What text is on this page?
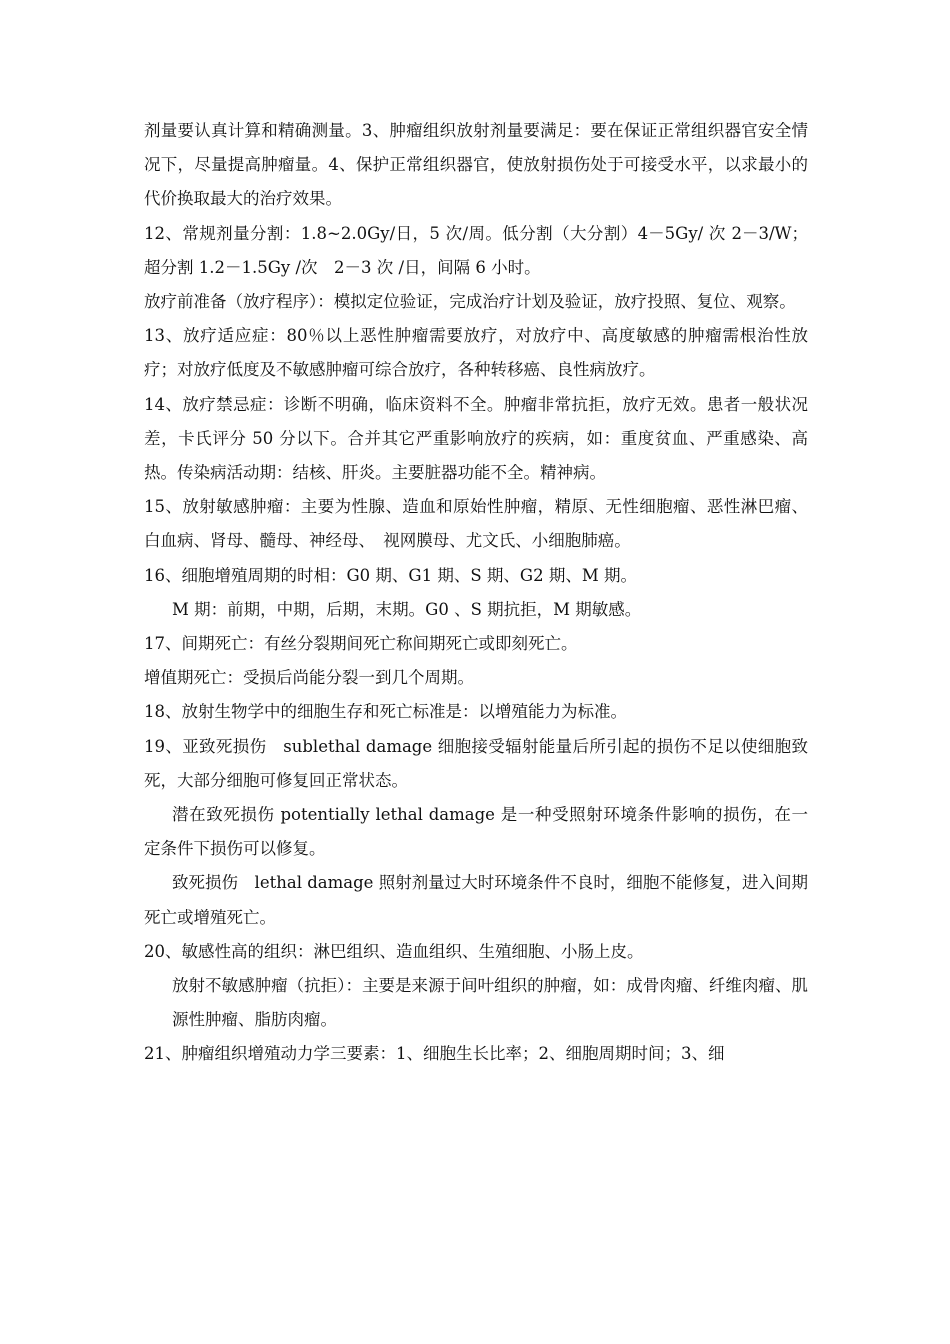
剂量要认真计算和精确测量。3、肿瘤组织放射剂量要满足：要在保证正常组织器官安全情况下，尽量提高肿瘤量。4、保护正常组织器官，使放射损伤处于可接受水平，以求最小的代价换取最大的治疗效果。

12、常规剂量分割：1.8~2.0Gy/日，5 次/周。低分割（大分割）4－5Gy/ 次 2－3/W；超分割 1.2－1.5Gy /次　2－3 次 /日，间隔 6 小时。

放疗前准备（放疗程序）：模拟定位验证，完成治疗计划及验证，放疗投照、复位、观察。

13、放疗适应症：80％以上恶性肿瘤需要放疗，对放疗中、高度敏感的肿瘤需根治性放疗；对放疗低度及不敏感肿瘤可综合放疗，各种转移癌、良性病放疗。

14、放疗禁忌症：诊断不明确，临床资料不全。肿瘤非常抗拒，放疗无效。患者一般状况差，卡氏评分 50 分以下。合并其它严重影响放疗的疾病，如：重度贫血、严重感染、高热。传染病活动期：结核、肝炎。主要脏器功能不全。精神病。

15、放射敏感肿瘤：主要为性腺、造血和原始性肿瘤，精原、无性细胞瘤、恶性淋巴瘤、白血病、肾母、髓母、神经母、　视网膜母、尤文氏、小细胞肺癌。

16、细胞增殖周期的时相：G0 期、G1 期、S 期、G2 期、M 期。

M 期：前期，中期，后期，末期。G0 、S 期抗拒，M 期敏感。

17、间期死亡：有丝分裂期间死亡称间期死亡或即刻死亡。

增值期死亡：受损后尚能分裂一到几个周期。

18、放射生物学中的细胞生存和死亡标准是：以增殖能力为标准。

19、亚致死损伤　sublethal damage 细胞接受辐射能量后所引起的损伤不足以使细胞致死，大部分细胞可修复回正常状态。

潜在致死损伤 potentially lethal damage 是一种受照射环境条件影响的损伤，在一定条件下损伤可以修复。

致死损伤　lethal damage 照射剂量过大时环境条件不良时，细胞不能修复，进入间期死亡或增殖死亡。

20、敏感性高的组织：淋巴组织、造血组织、生殖细胞、小肠上皮。

放射不敏感肿瘤（抗拒）：主要是来源于间叶组织的肿瘤，如：成骨肉瘤、纤维肉瘤、肌源性肿瘤、脂肪肉瘤。

21、肿瘤组织增殖动力学三要素：1、细胞生长比率；2、细胞周期时间；3、细
